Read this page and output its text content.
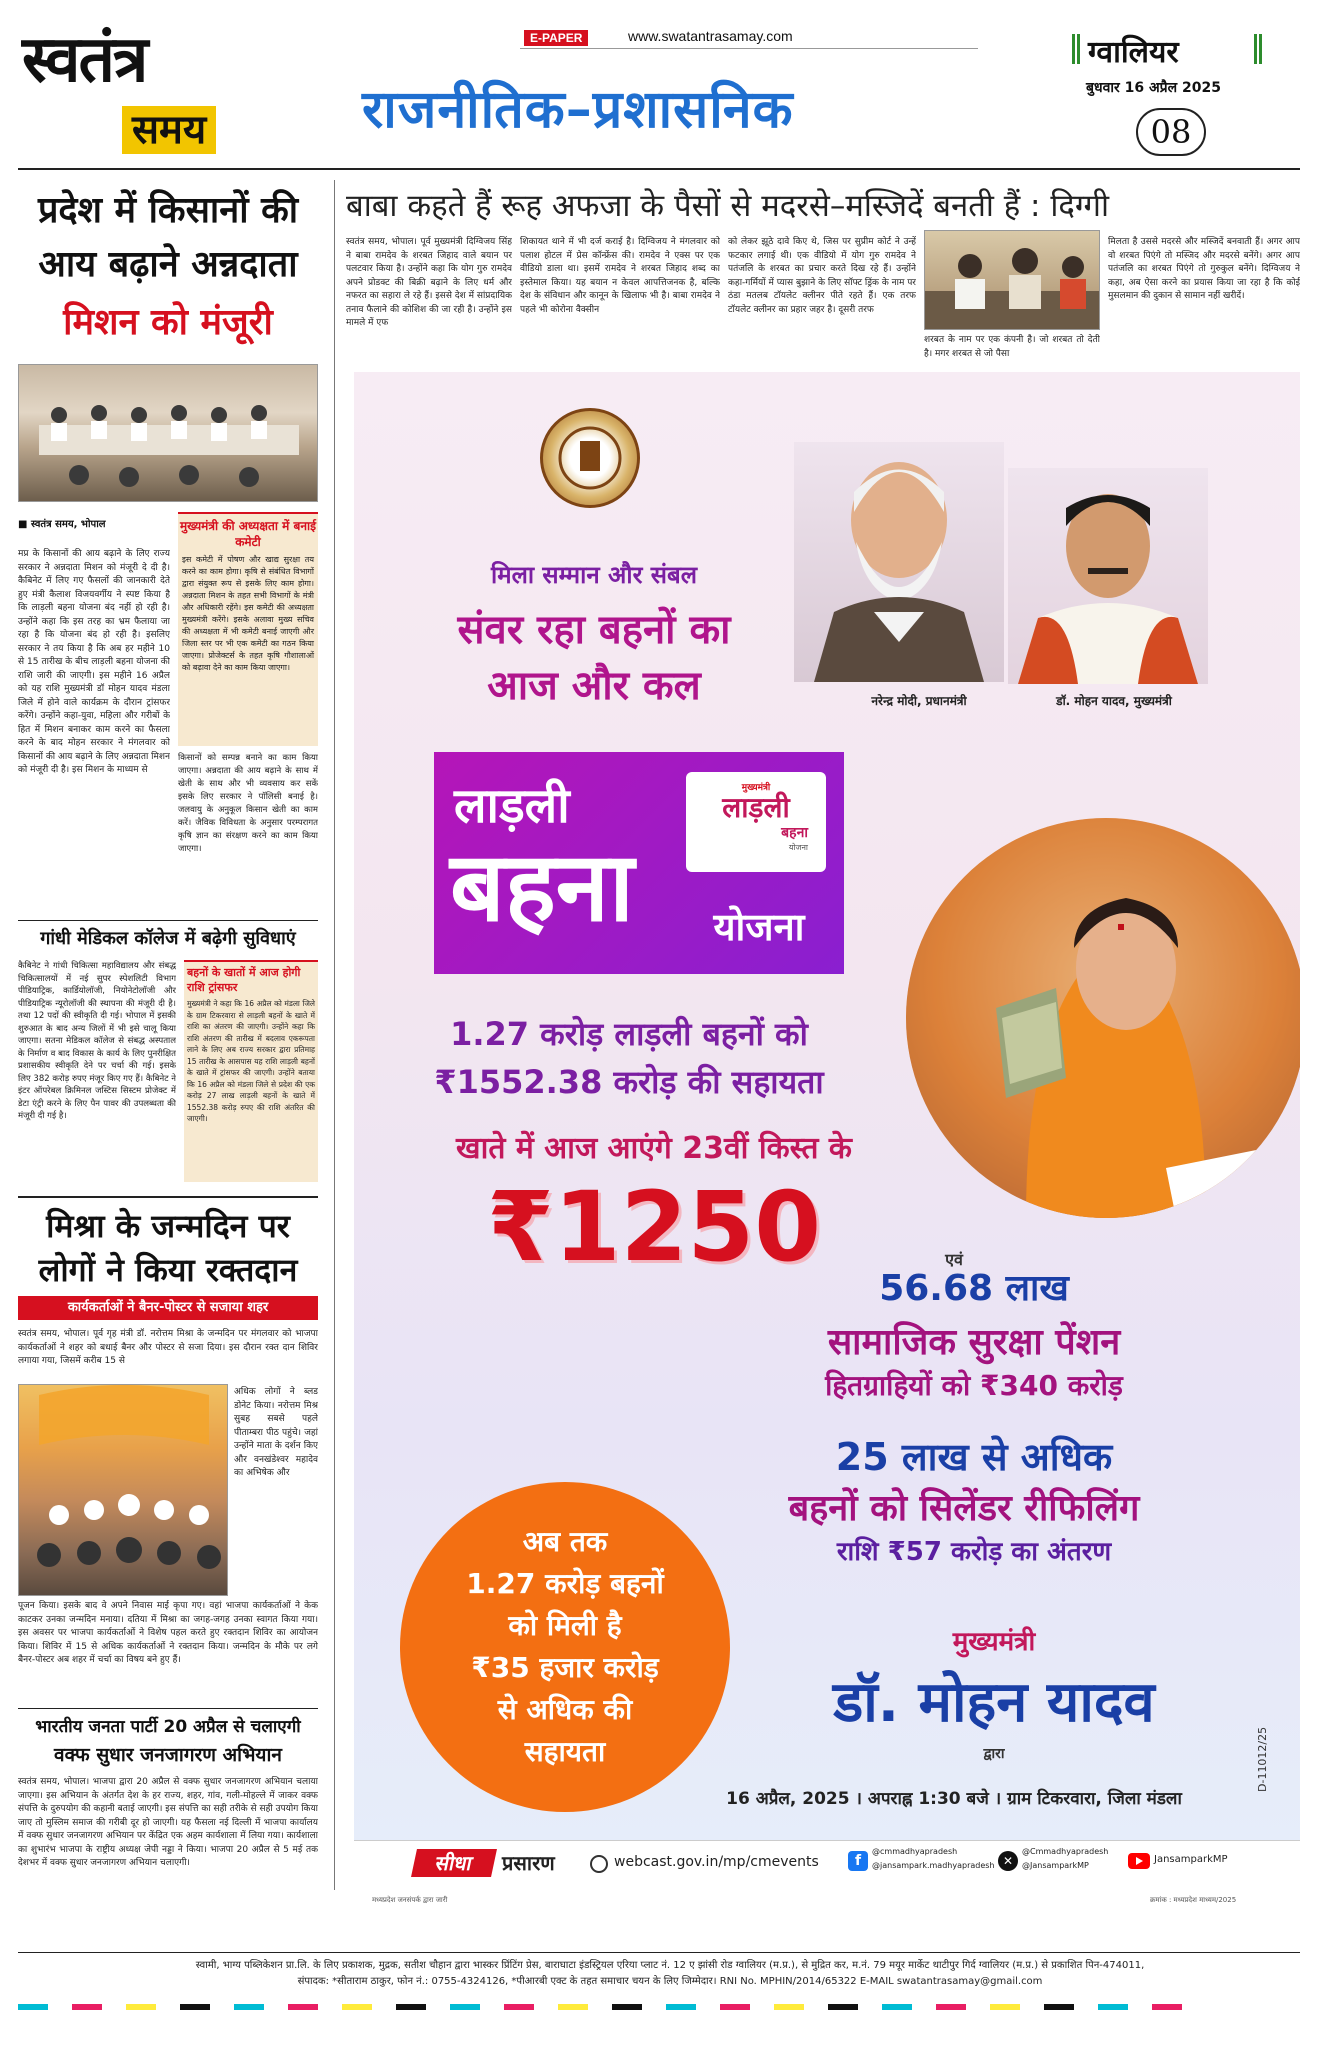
स्वतंत्र
समय
E-PAPER	www.swatantrasamay.com
राजनीतिक–प्रशासनिक
ग्वालियर
बुधवार 16 अप्रैल 2025
08
प्रदेश में किसानों की
आय बढ़ाने अन्नदाता
मिशन को मंजूरी
■ स्वतंत्र समय, भोपाल
मप्र के किसानों की आय बढ़ाने के लिए राज्य सरकार ने अन्नदाता मिशन को मंजूरी दे दी है। कैबिनेट में लिए गए फैसलों की जानकारी देते हुए मंत्री कैलाश विजयवर्गीय ने स्पष्ट किया है कि लाड़ली बहना योजना बंद नहीं हो रही है। उन्होंने कहा कि इस तरह का भ्रम फैलाया जा रहा है कि योजना बंद हो रही है। इसलिए सरकार ने तय किया है कि अब हर महीने 10 से 15 तारीख के बीच लाड़ली बहना योजना की राशि जारी की जाएगी। इस महीने 16 अप्रैल को यह राशि मुख्यमंत्री डॉ मोहन यादव मंडला जिले में होने वाले कार्यक्रम के दौरान ट्रांसफर करेंगे। उन्होंने कहा-युवा, महिला और गरीबों के हित में मिशन बनाकर काम करने का फैसला करने के बाद मोहन सरकार ने मंगलवार को किसानों की आय बढ़ाने के लिए अन्नदाता मिशन को मंजूरी दी है। इस मिशन के माध्यम से
मुख्यमंत्री की अध्यक्षता में बनाई कमेटी
इस कमेटी में पोषण और खाद्य सुरक्षा तय करने का काम होगा। कृषि से संबंधित विभागों द्वारा संयुक्त रूप से इसके लिए काम होगा। अन्नदाता मिशन के तहत सभी विभागों के मंत्री और अधिकारी रहेंगे। इस कमेटी की अध्यक्षता मुख्यमंत्री करेंगे। इसके अलावा मुख्य सचिव की अध्यक्षता में भी कमेटी बनाई जाएगी और जिला स्तर पर भी एक कमेटी का गठन किया जाएगा। प्रोजेक्टर्स के तहत कृषि गौशालाओं को बढ़ावा देने का काम किया जाएगा।
किसानों को सम्पन्न बनाने का काम किया जाएगा। अन्नदाता की आय बढ़ाने के साथ में खेती के साथ और भी व्यवसाय कर सकें इसके लिए सरकार ने पॉलिसी बनाई है। जलवायु के अनुकूल किसान खेती का काम करें। जैविक विविधता के अनुसार परम्परागत कृषि ज्ञान का संरक्षण करने का काम किया जाएगा।
गांधी मेडिकल कॉलेज में बढ़ेगी सुविधाएं
कैबिनेट ने गांधी चिकित्सा महाविद्यालय और संबद्ध चिकित्सालयों में नई सुपर स्पेशलिटी विभाग पीडियाट्रिक, कार्डियोलॉजी, नियोनेटोलॉजी और पीडियाट्रिक न्यूरोलॉजी की स्थापना की मंजूरी दी है। तथा 12 पदों की स्वीकृति दी गई। भोपाल में इसकी शुरुआत के बाद अन्य जिलों में भी इसे चालू किया जाएगा। सतना मेडिकल कॉलेज से संबद्ध अस्पताल के निर्माण व बाद विकास के कार्य के लिए पुनरीक्षित प्रशासकीय स्वीकृति देने पर चर्चा की गई। इसके लिए 382 करोड़ रुपए मंजूर किए गए हैं। कैबिनेट ने इंटर ऑपरेबल क्रिमिनल जस्टिस सिस्टम प्रोजेक्ट में डेटा एंट्री करने के लिए पैन पावर की उपलब्धता की मंजूरी दी गई है।
बहनों के खातों में आज होगी राशि ट्रांसफर
मुख्यमंत्री ने कहा कि 16 अप्रैल को मंडला जिले के ग्राम टिकरवारा से लाड़ली बहनों के खाते में राशि का अंतरण की जाएगी। उन्होंने कहा कि राशि अंतरण की तारीख में बदलाव एकरूपता लाने के लिए अब राज्य सरकार द्वारा प्रतिमाह 15 तारीख के आसपास यह राशि लाड़ली बहनों के खाते में ट्रांसफर की जाएगी। उन्होंने बताया कि 16 अप्रैल को मंडला जिले से प्रदेश की एक करोड़ 27 लाख लाड़ली बहनों के खाते में 1552.38 करोड़ रुपए की राशि अंतरित की जाएगी।
मिश्रा के जन्मदिन पर
लोगों ने किया रक्तदान
कार्यकर्ताओं ने बैनर-पोस्टर से सजाया शहर
स्वतंत्र समय, भोपाल। पूर्व गृह मंत्री डॉ. नरोत्तम मिश्रा के जन्मदिन पर मंगलवार को भाजपा कार्यकर्ताओं ने शहर को बधाई बैनर और पोस्टर से सजा दिया। इस दौरान रक्त दान शिविर लगाया गया, जिसमें करीब 15 से
अधिक लोगों ने ब्लड डोनेट किया। नरोत्तम मिश्र सुबह सबसे पहले पीताम्बरा पीठ पहुंचे। जहां उन्होंने माता के दर्शन किए और वनखंडेश्वर महादेव का अभिषेक और
पूजन किया। इसके बाद वे अपने निवास माई कृपा गए। वहां भाजपा कार्यकर्ताओं ने केक काटकर उनका जन्मदिन मनाया। दतिया में मिश्रा का जगह-जगह उनका स्वागत किया गया। इस अवसर पर भाजपा कार्यकर्ताओं ने विशेष पहल करते हुए रक्तदान शिविर का आयोजन किया। शिविर में 15 से अधिक कार्यकर्ताओं ने रक्तदान किया। जन्मदिन के मौके पर लगे बैनर-पोस्टर अब शहर में चर्चा का विषय बने हुए हैं।
भारतीय जनता पार्टी 20 अप्रैल से चलाएगी
वक्फ सुधार जनजागरण अभियान
स्वतंत्र समय, भोपाल। भाजपा द्वारा 20 अप्रैल से वक्फ सुधार जनजागरण अभियान चलाया जाएगा। इस अभियान के अंतर्गत देश के हर राज्य, शहर, गांव, गली-मोहल्ले में जाकर वक्फ संपत्ति के दुरुपयोग की कहानी बताई जाएगी। इस संपत्ति का सही तरीके से सही उपयोग किया जाए तो मुस्लिम समाज की गरीबी दूर हो जाएगी। यह फैसला नई दिल्ली में भाजपा कार्यालय में वक्फ सुधार जनजागरण अभियान पर केंद्रित एक अहम कार्यशाला में लिया गया। कार्यशाला का शुभारंभ भाजपा के राष्ट्रीय अध्यक्ष जेपी नड्डा ने किया। भाजपा 20 अप्रैल से 5 मई तक देशभर में वक्फ सुधार जनजागरण अभियान चलाएगी।
बाबा कहते हैं रूह अफजा के पैसों से मदरसे–मस्जिदें बनती हैं : दिग्गी
स्वतंत्र समय, भोपाल। पूर्व मुख्यमंत्री दिग्विजय सिंह ने बाबा रामदेव के शरबत जिहाद वाले बयान पर पलटवार किया है। उन्होंने कहा कि योग गुरु रामदेव अपने प्रोडक्ट की बिक्री बढ़ाने के लिए धर्म और नफरत का सहारा ले रहे हैं। इससे देश में सांप्रदायिक तनाव फैलाने की कोशिश की जा रही है। उन्होंने इस मामले में एफ
शिकायत थाने में भी दर्ज कराई है। दिग्विजय ने मंगलवार को पलाश होटल में प्रेस कॉन्फ्रेंस की। रामदेव ने एक्स पर एक वीडियो डाला था। इसमें रामदेव ने शरबत जिहाद शब्द का इस्तेमाल किया। यह बयान न केवल आपत्तिजनक है, बल्कि देश के संविधान और कानून के खिलाफ भी है। बाबा रामदेव ने पहले भी कोरोना वैक्सीन
को लेकर झूठे दावे किए थे, जिस पर सुप्रीम कोर्ट ने उन्हें फटकार लगाई थी। एक वीडियो में योग गुरु रामदेव ने पतंजलि के शरबत का प्रचार करते दिख रहे हैं। उन्होंने कहा-गर्मियों में प्यास बुझाने के लिए सॉफ्ट ड्रिंक के नाम पर ठंडा मतलब टॉयलेट क्लीनर पीते रहते हैं। एक तरफ टॉयलेट क्लीनर का प्रहार जहर है। दूसरी तरफ
शरबत के नाम पर एक कंपनी है। जो शरबत तो देती है। मगर शरबत से जो पैसा
मिलता है उससे मदरसे और मस्जिदें बनवाती हैं। अगर आप वो शरबत पिएंगे तो मस्जिद और मदरसे बनेंगे। अगर आप पतंजलि का शरबत पिएंगे तो गुरुकुल बनेंगे। दिग्विजय ने कहा, अब ऐसा करने का प्रयास किया जा रहा है कि कोई मुसलमान की दुकान से सामान नहीं खरीदें।
मिला सम्मान और संबल
संवर रहा बहनों का
आज और कल	नरेन्द्र मोदी, प्रधानमंत्री	डॉ. मोहन यादव, मुख्यमंत्री
लाड़ली
बहना	योजना
मुख्यमंत्री
लाड़ली
बहना
योजना
1.27 करोड़ लाड़ली बहनों को
₹1552.38 करोड़ की सहायता
खाते में आज आएंगे 23वीं किस्त के
₹1250	एवं
56.68 लाख
सामाजिक सुरक्षा पेंशन
हितग्राहियों को ₹340 करोड़
25 लाख से अधिक
बहनों को सिलेंडर रीफिलिंग
राशि ₹57 करोड़ का अंतरण
अब तक
1.27 करोड़ बहनों
को मिली है
₹35 हजार करोड़
से अधिक की
सहायता
मुख्यमंत्री
डॉ. मोहन यादव
द्वारा
16 अप्रैल, 2025 । अपराह्न 1:30 बजे । ग्राम टिकरवारा, जिला मंडला
D-11012/25
सीधा	प्रसारण	webcast.gov.in/mp/cmevents	f
@cmmadhyapradesh
@jansampark.madhyapradesh ✕
@Cmmadhyapradesh
@JansamparkMP
JansamparkMP
मध्यप्रदेश जनसंपर्क द्वारा जारी	क्रमांक : मध्यप्रदेश माध्यम/2025
स्वामी, भाग्य पब्लिकेशन प्रा.लि. के लिए प्रकाशक, मुद्रक, सतीश चौहान द्वारा भास्कर प्रिंटिंग प्रेस, बाराघाटा इंडस्ट्रियल एरिया प्लाट नं. 12 ए झांसी रोड ग्वालियर (म.प्र.), से मुद्रित कर, म.नं. 79 मयूर मार्केट थाटीपुर गिर्द ग्वालियर (म.प्र.) से प्रकाशित पिन-474011,
संपादक: *सीताराम ठाकुर, फोन नं.: 0755-4324126, *पीआरबी एक्ट के तहत समाचार चयन के लिए जिम्मेदार। RNI No. MPHIN/2014/65322 E-MAIL swatantrasamay@gmail.com
